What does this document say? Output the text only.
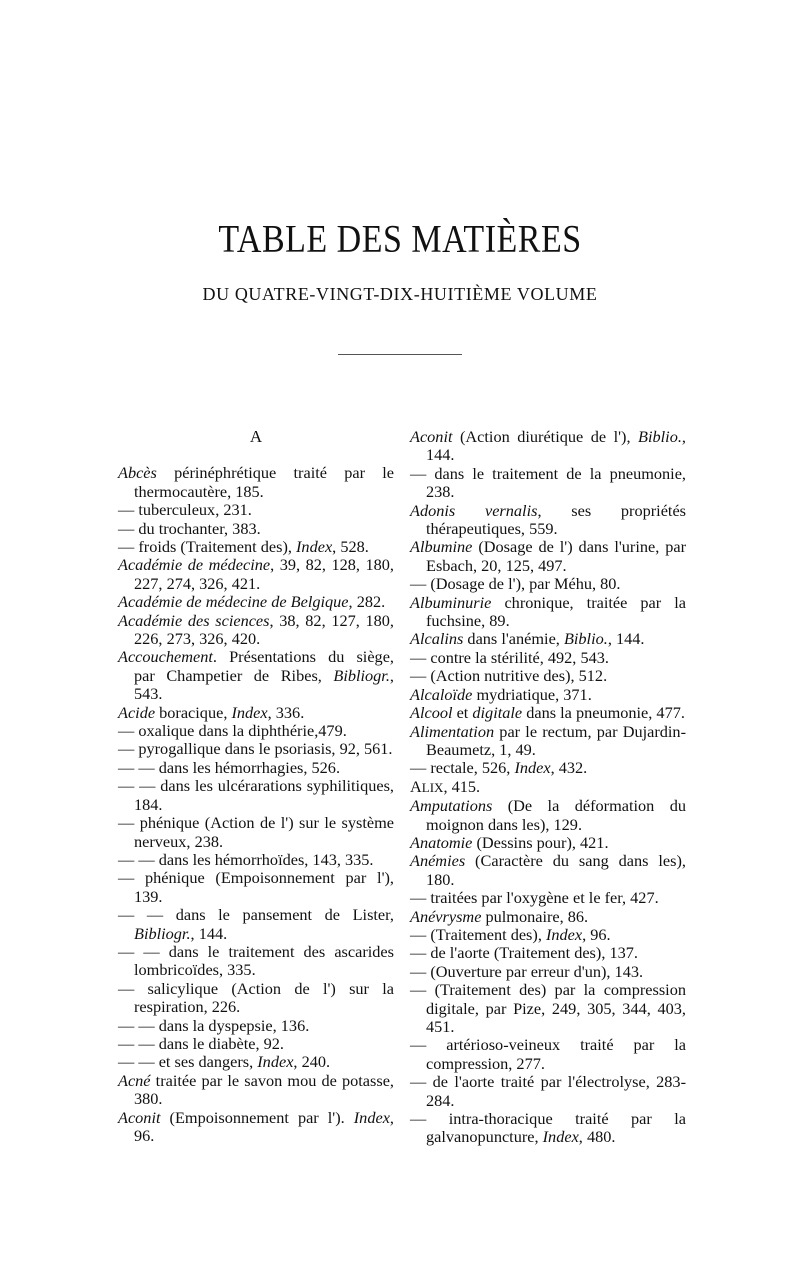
TABLE DES MATIÈRES
DU QUATRE-VINGT-DIX-HUITIÈME VOLUME
A

Abcès périnéphrétique traité par le thermocautère, 185.

— tuberculeux, 231.

— du trochanter, 383.

— froids (Traitement des), Index, 528.

Académie de médecine, 39, 82, 128, 180, 227, 274, 326, 421.

Académie de médecine de Belgique, 282.

Académie des sciences, 38, 82, 127, 180, 226, 273, 326, 420.

Accouchement. Présentations du siège, par Champetier de Ribes, Bibliogr., 543.

Acide boracique, Index, 336.

— oxalique dans la diphthérie,479.

— pyrogallique dans le psoriasis, 92, 561.

— — dans les hémorrhagies, 526.

— — dans les ulcérarations syphilitiques, 184.

— phénique (Action de l') sur le système nerveux, 238.

— — dans les hémorrhoïdes, 143, 335.

— phénique (Empoisonnement par l'), 139.

— — dans le pansement de Lister, Bibliogr., 144.

— — dans le traitement des ascarides lombricoïdes, 335.

— salicylique (Action de l') sur la respiration, 226.

— — dans la dyspepsie, 136.

— — dans le diabète, 92.

— — et ses dangers, Index, 240.

Acné traitée par le savon mou de potasse, 380.

Aconit (Empoisonnement par l'). Index, 96.

Aconit (Action diurétique de l'), Biblio., 144.

— dans le traitement de la pneumonie, 238.

Adonis vernalis, ses propriétés thérapeutiques, 559.

Albumine (Dosage de l') dans l'urine, par Esbach, 20, 125, 497.

— (Dosage de l'), par Méhu, 80.

Albuminurie chronique, traitée par la fuchsine, 89.

Alcalins dans l'anémie, Biblio., 144.

— contre la stérilité, 492, 543.

— (Action nutritive des), 512.

Alcaloïde mydriatique, 371.

Alcool et digitale dans la pneumonie, 477.

Alimentation par le rectum, par Dujardin-Beaumetz, 1, 49.

— rectale, 526, Index, 432.

ALIX, 415.

Amputations (De la déformation du moignon dans les), 129.

Anatomie (Dessins pour), 421.

Anémies (Caractère du sang dans les), 180.

— traitées par l'oxygène et le fer, 427.

Anévrysme pulmonaire, 86.

— (Traitement des), Index, 96.

— de l'aorte (Traitement des), 137.

— (Ouverture par erreur d'un), 143.

— (Traitement des) par la compression digitale, par Pize, 249, 305, 344, 403, 451.

— artérioso-veineux traité par la compression, 277.

— de l'aorte traité par l'électrolyse, 283-284.

— intra-thoracique traité par la galvanopuncture, Index, 480.
